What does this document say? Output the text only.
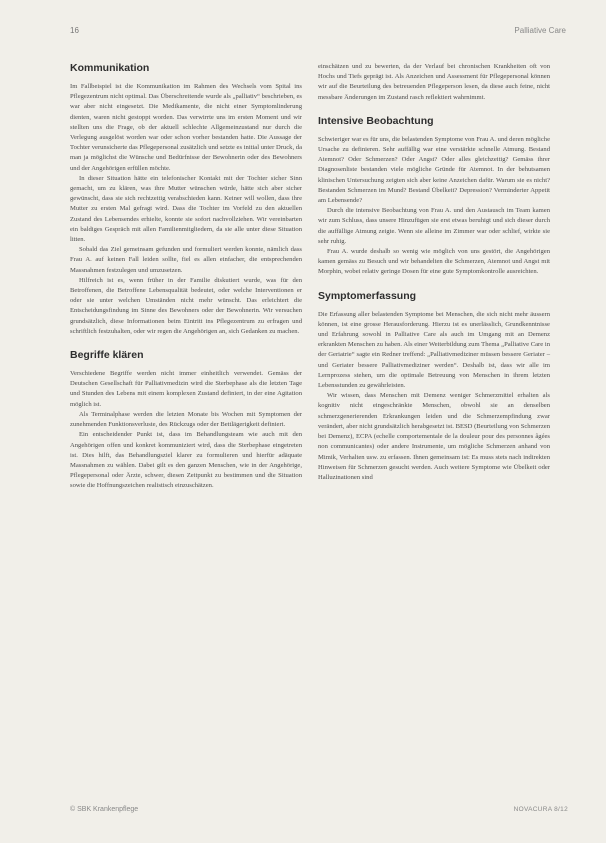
16	Palliative Care
Kommunikation

Im Fallbeispiel ist die Kommunikation im Rahmen des Wechsels vom Spital ins Pflegezentrum nicht optimal. Das Überschreitende wurde als „palliativ“ beschrieben, es war aber nicht eingesetzt. Die Medikamente, die nicht einer Symptomlinderung dienten, waren nicht gestoppt worden. Das verwirrte uns im ersten Moment und wir stellten uns die Frage, ob der aktuell schlechte Allgemeinzustand nur durch die Verlegung ausgelöst worden war oder schon vorher bestanden hatte. Die Aussage der Tochter verunsicherte das Pflegepersonal zusätzlich und setzte es initial unter Druck, da man ja möglichst die Wünsche und Bedürfnisse der Bewohnerin oder des Bewohners und der Angehörigen erfüllen möchte.

In dieser Situation hätte ein telefonischer Kontakt mit der Tochter sicher Sinn gemacht, um zu klären, was ihre Mutter wünschen würde, hätte sich aber sicher gewünscht, dass sie sich rechtzeitig verabschieden kann. Keiner will wollen, dass ihre Mutter zu ersten Mal gefragt wird. Dass die Tochter im Vorfeld zu den aktuellen Zustand des Lebensendes erhielte, konnte sie sofort nachvollziehen. Wir vereinbarten ein baldiges Gespräch mit allen Familienmitgliedern, da sie alle unter diese Situation litten.

Sobald das Ziel gemeinsam gefunden und formuliert werden konnte, nämlich dass Frau A. auf keinen Fall leiden sollte, fiel es allen einfacher, die entsprechenden Massnahmen festzulegen und umzusetzen.

Hilfreich ist es, wenn früher in der Familie diskutiert wurde, was für den Betroffenen, die Betroffene Lebensqualität bedeutet, oder welche Interventionen er oder sie unter welchen Umständen nicht mehr wünscht. Das erleichtert die Entscheidungsfindung im Sinne des Bewohners oder der Bewohnerin. Wir versuchen grundsätzlich, diese Informationen beim Eintritt ins Pflegezentrum zu erfragen und schriftlich festzuhalten, oder wir regen die Angehörigen an, sich Gedanken zu machen.

Begriffe klären

Verschiedene Begriffe werden nicht immer einheitlich verwendet. Gemäss der Deutschen Gesellschaft für Palliativmedizin wird die Sterbephase als die letzten Tage und Stunden des Lebens mit einem komplexen Zustand definiert, in der eine Agitation möglich ist.

Als Terminalphase werden die letzten Monate bis Wochen mit Symptomen der zunehmenden Funktionsverluste, des Rückzugs oder der Bettlägerigkeit definiert.

Ein entscheidender Punkt ist, dass im Behandlungsteam wie auch mit den Angehörigen offen und konkret kommuniziert wird, dass die Sterbephase eingetreten ist. Dies hilft, das Behandlungsziel klarer zu formulieren und hierfür adäquate Massnahmen zu wählen. Dabei gilt es den ganzen Menschen, wie in der Angehörige, Pflegepersonal oder Ärzte, schwer, diesen Zeitpunkt zu bestimmen und die Situation sowie die Hoffnungszeichen realistisch einzuschätzen.

einschätzen und zu bewerten, da der Verlauf bei chronischen Krankheiten oft von Hochs und Tiefs geprägt ist. Als Anzeichen und Assessment für Pflegepersonal können wir auf die Beurteilung des betreuenden Pflegeperson lesen, da diese auch feine, nicht messbare Änderungen im Zustand rasch reflektiert wahrnimmt.

Intensive Beobachtung

Schwieriger war es für uns, die belastenden Symptome von Frau A. und deren mögliche Ursache zu definieren. Sehr auffällig war eine verstärkte schnelle Atmung. Bestand Atemnot? Oder Schmerzen? Oder Angst? Oder alles gleichzeitig? Gemäss ihrer Diagnosenliste bestanden viele mögliche Gründe für Atemnot. In der behutsamen klinischen Untersuchung zeigten sich aber keine Anzeichen dafür. Warum sie es nicht? Bestanden Schmerzen im Mund? Bestand Übelkeit? Depression? Verminderter Appetit am Lebensende?

Durch die intensive Beobachtung von Frau A. und den Austausch im Team kamen wir zum Schluss, dass unsere Hinzufügen sie erst etwas beruhigt und sich dieser durch die auffällige Atmung zeigte. Wenn sie alleine im Zimmer war oder schlief, wirkte sie sehr ruhig.

Frau A. wurde deshalb so wenig wie möglich von uns gestört, die Angehörigen kamen gemäss zu Besuch und wir behandelten die Schmerzen, Atemnot und Angst mit Morphin, wobei relativ geringe Dosen für eine gute Symptomkontrolle ausreichten.

Symptomerfassung

Die Erfassung aller belastenden Symptome bei Menschen, die sich nicht mehr äussern können, ist eine grosse Herausforderung. Hierzu ist es unerlässlich, Grundkenntnisse und Erfahrung sowohl in Palliative Care als auch im Umgang mit an Demenz erkrankten Menschen zu haben. Als einer Weiterbildung zum Thema „Palliative Care in der Geriatrie“ sagte ein Redner treffend: „Palliativmediziner müssen bessere Geriater – und Geriater bessere Palliativmediziner werden“. Deshalb ist, dass wir alle im Lernprozess stehen, um die optimale Betreuung von Menschen in ihrem letzten Lebensstunden zu gewährleisten.

Wir wissen, dass Menschen mit Demenz weniger Schmerzmittel erhalten als kognitiv nicht eingeschränkte Menschen, obwohl sie an denselben schmerzgenerierenden Erkrankungen leiden und die Schmerzempfindung zwar verändert, aber nicht grundsätzlich herabgesetzt ist. BESD (Beurteilung von Schmerzen bei Demenz), ECPA (echelle comportementale de la douleur pour des personnes âgées non communicantes) oder andere Instrumente, um mögliche Schmerzen anhand von Mimik, Verhalten usw. zu erfassen. Ihnen gemeinsam ist: Es muss stets nach indirekten Hinweisen für Schmerzen gesucht werden. Auch weitere Symptome wie Übelkeit oder Halluzinationen sind

© SBK Krankenpflege	NOVACURA 8/12
